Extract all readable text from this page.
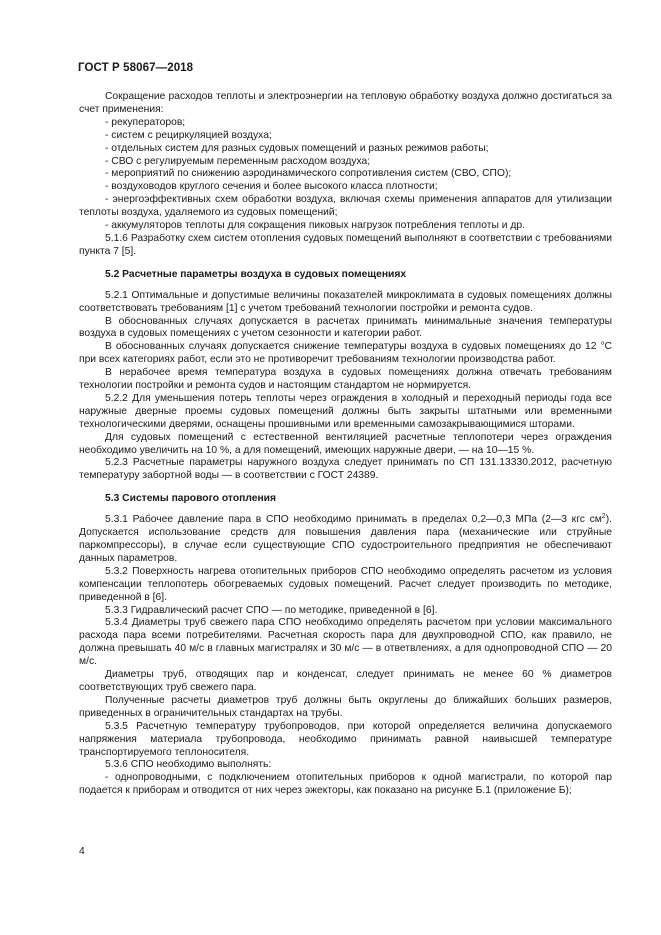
ГОСТ Р 58067—2018

Сокращение расходов теплоты и электроэнергии на тепловую обработку воздуха должно достигаться за счет применения:

- рекуператоров;

- систем с рециркуляцией воздуха;

- отдельных систем для разных судовых помещений и разных режимов работы;

- СВО с регулируемым переменным расходом воздуха;

- мероприятий по снижению аэродинамического сопротивления систем (СВО, СПО);

- воздуховодов круглого сечения и более высокого класса плотности;

- энергоэффективных схем обработки воздуха, включая схемы применения аппаратов для утилизации теплоты воздуха, удаляемого из судовых помещений;

- аккумуляторов теплоты для сокращения пиковых нагрузок потребления теплоты и др.

5.1.6 Разработку схем систем отопления судовых помещений выполняют в соответствии с требованиями пункта 7 [5].

5.2 Расчетные параметры воздуха в судовых помещениях

5.2.1 Оптимальные и допустимые величины показателей микроклимата в судовых помещениях должны соответствовать требованиям [1] с учетом требований технологии постройки и ремонта судов.

В обоснованных случаях допускается в расчетах принимать минимальные значения температуры воздуха в судовых помещениях с учетом сезонности и категории работ.

В обоснованных случаях допускается снижение температуры воздуха в судовых помещениях до 12 °С при всех категориях работ, если это не противоречит требованиям технологии производства работ.

В нерабочее время температура воздуха в судовых помещениях должна отвечать требованиям технологии постройки и ремонта судов и настоящим стандартом не нормируется.

5.2.2 Для уменьшения потерь теплоты через ограждения в холодный и переходный периоды года все наружные дверные проемы судовых помещений должны быть закрыты штатными или временными технологическими дверями, оснащены прошивными или временными самозакрывающимися шторами.

Для судовых помещений с естественной вентиляцией расчетные теплопотери через ограждения необходимо увеличить на 10 %, а для помещений, имеющих наружные двери, — на 10—15 %.

5.2.3 Расчетные параметры наружного воздуха следует принимать по СП 131.13330.2012, расчетную температуру забортной воды — в соответствии с ГОСТ 24389.

5.3 Системы парового отопления

5.3.1 Рабочее давление пара в СПО необходимо принимать в пределах 0,2—0,3 МПа (2—3 кгс $см^2$). Допускается использование средств для повышения давления пара (механические или струйные паркомпрессоры), в случае если существующие СПО судостроительного предприятия не обеспечивают данных параметров.

5.3.2 Поверхность нагрева отопительных приборов СПО необходимо определять расчетом из условия компенсации теплопотерь обогреваемых судовых помещений. Расчет следует производить по методике, приведенной в [6].

5.3.3 Гидравлический расчет СПО — по методике, приведенной в [6].

5.3.4 Диаметры труб свежего пара СПО необходимо определять расчетом при условии максимального расхода пара всеми потребителями. Расчетная скорость пара для двухпроводной СПО, как правило, не должна превышать 40 м/с в главных магистралях и 30 м/с — в ответвлениях, а для однопроводной СПО — 20 м/с.

Диаметры труб, отводящих пар и конденсат, следует принимать не менее 60 % диаметров соответствующих труб свежего пара.

Полученные расчеты диаметров труб должны быть округлены до ближайших больших размеров, приведенных в ограничительных стандартах на трубы.

5.3.5 Расчетную температуру трубопроводов, при которой определяется величина допускаемого напряжения материала трубопровода, необходимо принимать равной наивысшей температуре транспортируемого теплоносителя.

5.3.6 СПО необходимо выполнять:

- однопроводными, с подключением отопительных приборов к одной магистрали, по которой пар подается к приборам и отводится от них через эжекторы, как показано на рисунке Б.1 (приложение Б);

4
